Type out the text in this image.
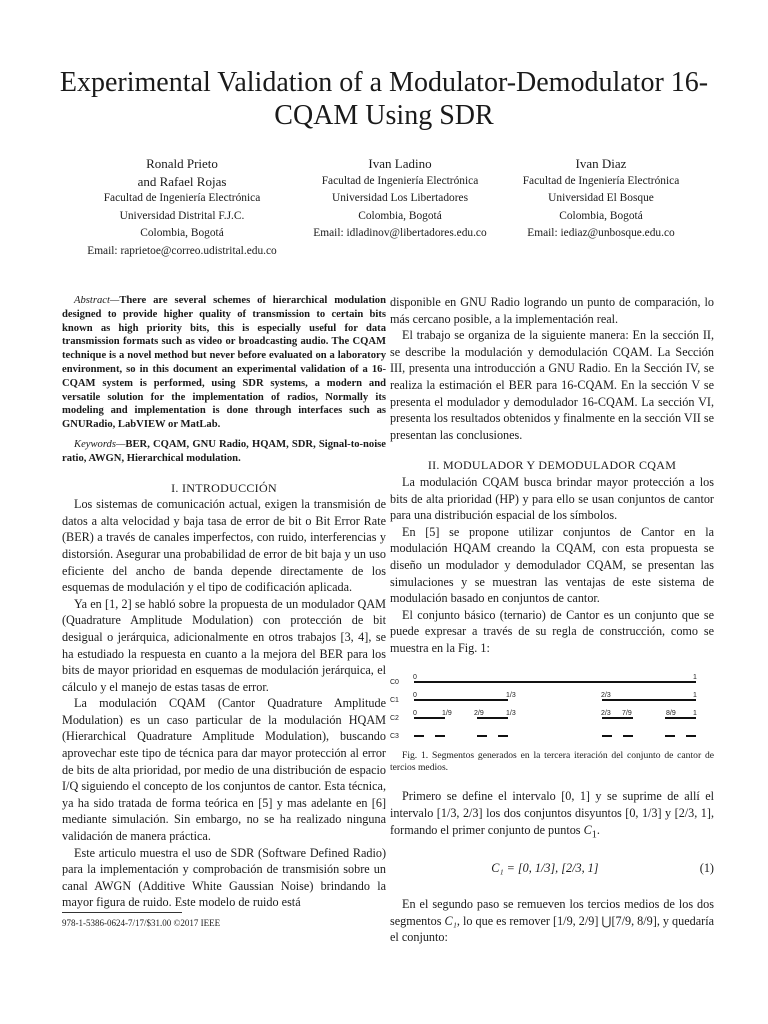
Experimental Validation of a Modulator-Demodulator 16-CQAM Using SDR
Ronald Prieto
and Rafael Rojas
Facultad de Ingeniería Electrónica
Universidad Distrital F.J.C.
Colombia, Bogotá
Email: raprietoe@correo.udistrital.edu.co
Ivan Ladino
Facultad de Ingeniería Electrónica
Universidad Los Libertadores
Colombia, Bogotá
Email: idladinov@libertadores.edu.co
Ivan Diaz
Facultad de Ingeniería Electrónica
Universidad El Bosque
Colombia, Bogotá
Email: iediaz@unbosque.edu.co

Abstract—There are several schemes of hierarchical modulation designed to provide higher quality of transmission to certain bits known as high priority bits, this is especially useful for data transmission formats such as video or broadcasting audio. The CQAM technique is a novel method but never before evaluated on a laboratory environment, so in this document an experimental validation of a 16-CQAM system is performed, using SDR systems, a modern and versatile solution for the implementation of radios, Normally its modeling and implementation is done through interfaces such as GNURadio, LabVIEW or MatLab.

Keywords—BER, CQAM, GNU Radio, HQAM, SDR, Signal-to-noise ratio, AWGN, Hierarchical modulation.

I. INTRODUCCIÓN

Los sistemas de comunicación actual, exigen la transmisión de datos a alta velocidad y baja tasa de error de bit o Bit Error Rate (BER) a través de canales imperfectos, con ruido, interferencias y distorsión. Asegurar una probabilidad de error de bit baja y un uso eficiente del ancho de banda depende directamente de los esquemas de modulación y el tipo de codificación aplicada.

Ya en [1, 2] se habló sobre la propuesta de un modulador QAM (Quadrature Amplitude Modulation) con protección de bit desigual o jerárquica, adicionalmente en otros trabajos [3, 4], se ha estudiado la respuesta en cuanto a la mejora del BER para los bits de mayor prioridad en esquemas de modulación jerárquica, el cálculo y el manejo de estas tasas de error.

La modulación CQAM (Cantor Quadrature Amplitude Modulation) es un caso particular de la modulación HQAM (Hierarchical Quadrature Amplitude Modulation), buscando aprovechar este tipo de técnica para dar mayor protección al error de bits de alta prioridad, por medio de una distribución de espacio I/Q siguiendo el concepto de los conjuntos de cantor. Esta técnica, ya ha sido tratada de forma teórica en [5] y mas adelante en [6] mediante simulación. Sin embargo, no se ha realizado ninguna validación de manera práctica.

Este articulo muestra el uso de SDR (Software Defined Radio) para la implementación y comprobación de transmisión sobre un canal AWGN (Additive White Gaussian Noise) brindando la mayor figura de ruido. Este modelo de ruido está

978-1-5386-0624-7/17/$31.00 ©2017 IEEE

disponible en GNU Radio logrando un punto de comparación, lo más cercano posible, a la implementación real.

El trabajo se organiza de la siguiente manera: En la sección II, se describe la modulación y demodulación CQAM. La Sección III, presenta una introducción a GNU Radio. En la Sección IV, se realiza la estimación el BER para 16-CQAM. En la sección V se presenta el modulador y demodulador 16-CQAM. La sección VI, presenta los resultados obtenidos y finalmente en la sección VII se presentan las conclusiones.

II. MODULADOR Y DEMODULADOR CQAM

La modulación CQAM busca brindar mayor protección a los bits de alta prioridad (HP) y para ello se usan conjuntos de cantor para una distribución espacial de los símbolos.

En [5] se propone utilizar conjuntos de Cantor en la modulación HQAM creando la CQAM, con esta propuesta se diseño un modulador y demodulador CQAM, se presentan las simulaciones y se muestran las ventajas de este sistema de modulación basado en conjuntos de cantor.

El conjunto básico (ternario) de Cantor es un conjunto que se puede expresar a través de su regla de construcción, como se muestra en la Fig. 1:

C0
C1
C2
C3
0	1
0	1/3	2/3	1
0	1/9	2/9	1/3	2/3 7/9	8/9 1

Fig. 1. Segmentos generados en la tercera iteración del conjunto de cantor de tercios medios.

Primero se define el intervalo [0, 1] y se suprime de allí el intervalo [1/3, 2/3] los dos conjuntos disyuntos [0, 1/3] y [2/3, 1], formando el primer conjunto de puntos $C_1$.

C₁ = [0, 1/3], [2/3, 1]	(1)

En el segundo paso se remueven los tercios medios de los dos segmentos C₁, lo que es remover [1/9, 2/9] ⋃[7/9, 8/9], y quedaría el conjunto:
